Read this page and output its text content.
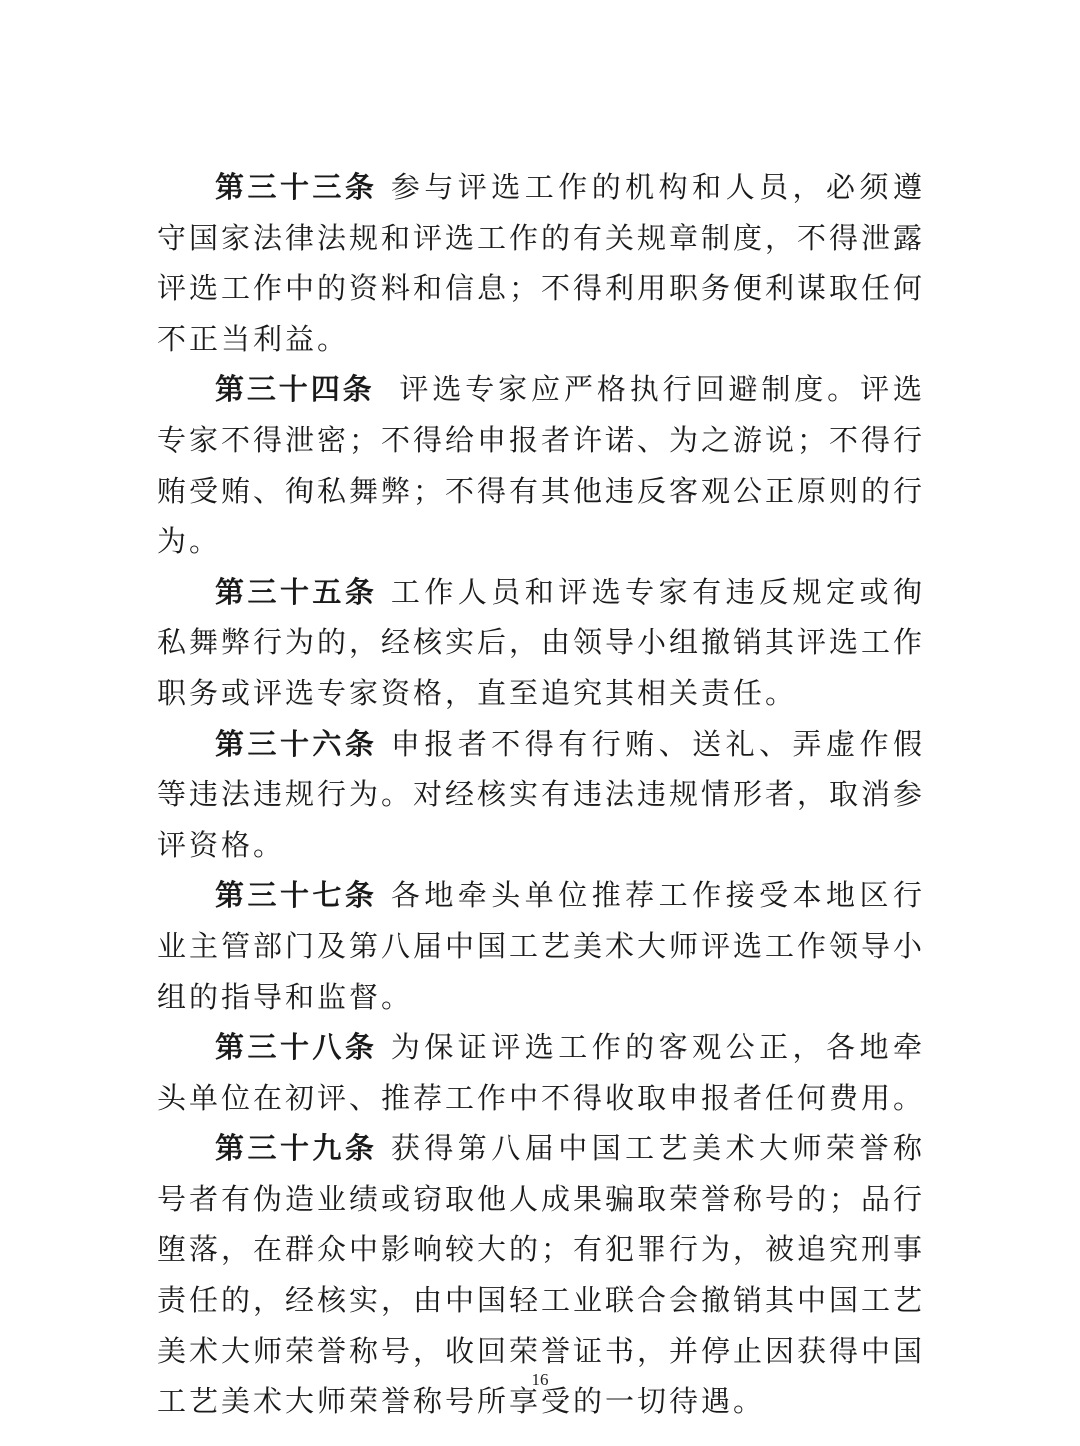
第三十三条 参与评选工作的机构和人员，必须遵守国家法律法规和评选工作的有关规章制度，不得泄露评选工作中的资料和信息；不得利用职务便利谋取任何不正当利益。

第三十四条 评选专家应严格执行回避制度。评选专家不得泄密；不得给申报者许诺、为之游说；不得行贿受贿、徇私舞弊；不得有其他违反客观公正原则的行为。

第三十五条 工作人员和评选专家有违反规定或徇私舞弊行为的，经核实后，由领导小组撤销其评选工作职务或评选专家资格，直至追究其相关责任。

第三十六条 申报者不得有行贿、送礼、弄虚作假等违法违规行为。对经核实有违法违规情形者，取消参评资格。

第三十七条 各地牵头单位推荐工作接受本地区行业主管部门及第八届中国工艺美术大师评选工作领导小组的指导和监督。

第三十八条 为保证评选工作的客观公正，各地牵头单位在初评、推荐工作中不得收取申报者任何费用。

第三十九条 获得第八届中国工艺美术大师荣誉称号者有伪造业绩或窃取他人成果骗取荣誉称号的；品行堕落，在群众中影响较大的；有犯罪行为，被追究刑事责任的，经核实，由中国轻工业联合会撤销其中国工艺美术大师荣誉称号，收回荣誉证书，并停止因获得中国工艺美术大师荣誉称号所享受的一切待遇。

16
